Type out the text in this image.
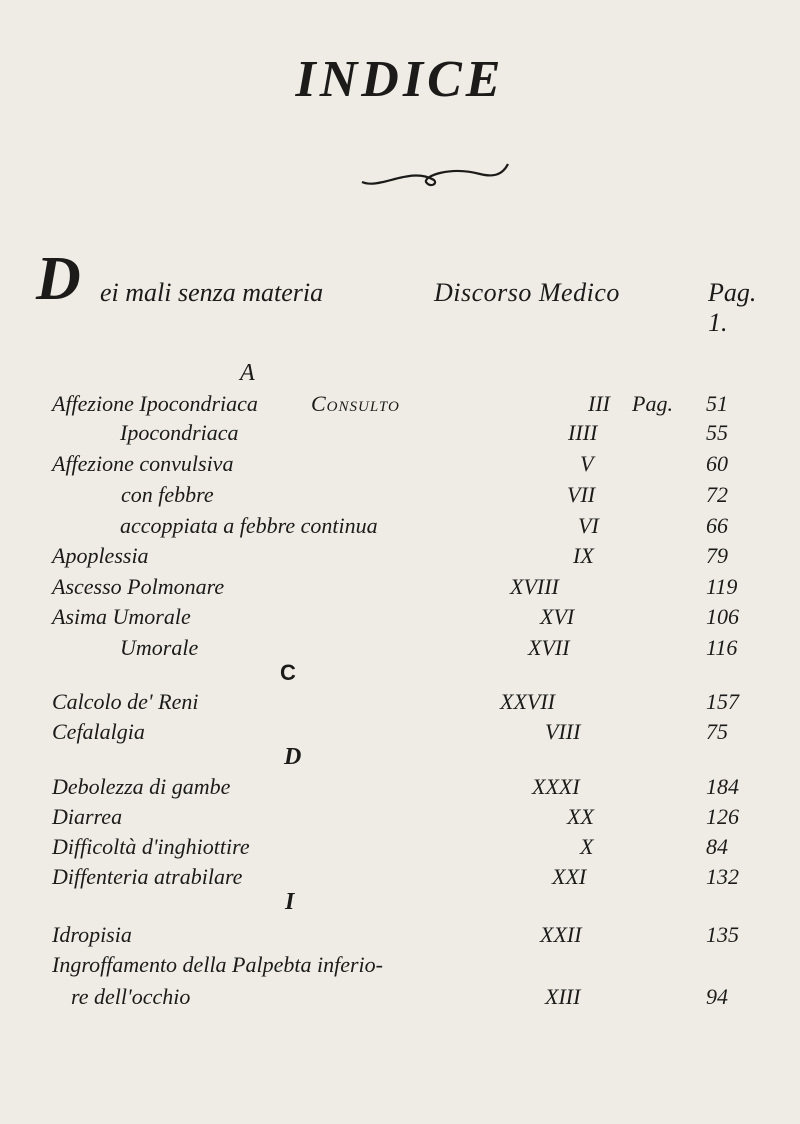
INDICE
D ei mali senza materia	Discorso Medico	Pag. 1.
A
Affezione Ipocondriaca Consulto	III Pag. 51
Ipocondriaca	IIII	55
Affezione convulsiva	V	60
con febbre	VII	72
accoppiata a febbre continua	VI	66
Apoplessia	IX	79
Ascesso Polmonare	XVIII	119
Asima Umorale	XVI	106
Umorale	XVII	116
C
Calcolo de' Reni	XXVII	157
Cefalalgia	VIII	75
D
Debolezza di gambe	XXXI	184
Diarrea	XX	126
Difficoltà d'inghiottire	X	84
Diffenteria atrabilare	XXI	132
I
Idropisia	XXII	135
Ingroffamento della Palpebta inferio-
re dell'occhio	XIII	94
